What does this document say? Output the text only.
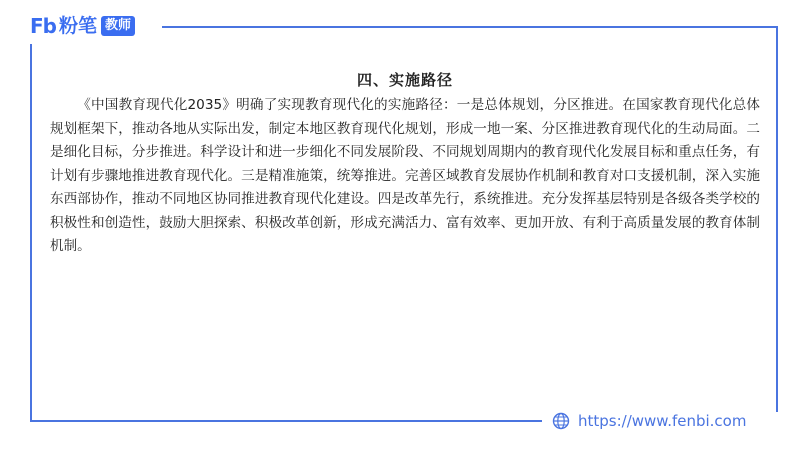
Fb 粉笔 教师
四、实施路径

《中国教育现代化2035》明确了实现教育现代化的实施路径：一是总体规划，分区推进。在国家教育现代化总体规划框架下，推动各地从实际出发，制定本地区教育现代化规划，形成一地一案、分区推进教育现代化的生动局面。二是细化目标，分步推进。科学设计和进一步细化不同发展阶段、不同规划周期内的教育现代化发展目标和重点任务，有计划有步骤地推进教育现代化。三是精准施策，统筹推进。完善区域教育发展协作机制和教育对口支援机制，深入实施东西部协作，推动不同地区协同推进教育现代化建设。四是改革先行，系统推进。充分发挥基层特别是各级各类学校的积极性和创造性，鼓励大胆探索、积极改革创新，形成充满活力、富有效率、更加开放、有利于高质量发展的教育体制机制。

https://www.fenbi.com
